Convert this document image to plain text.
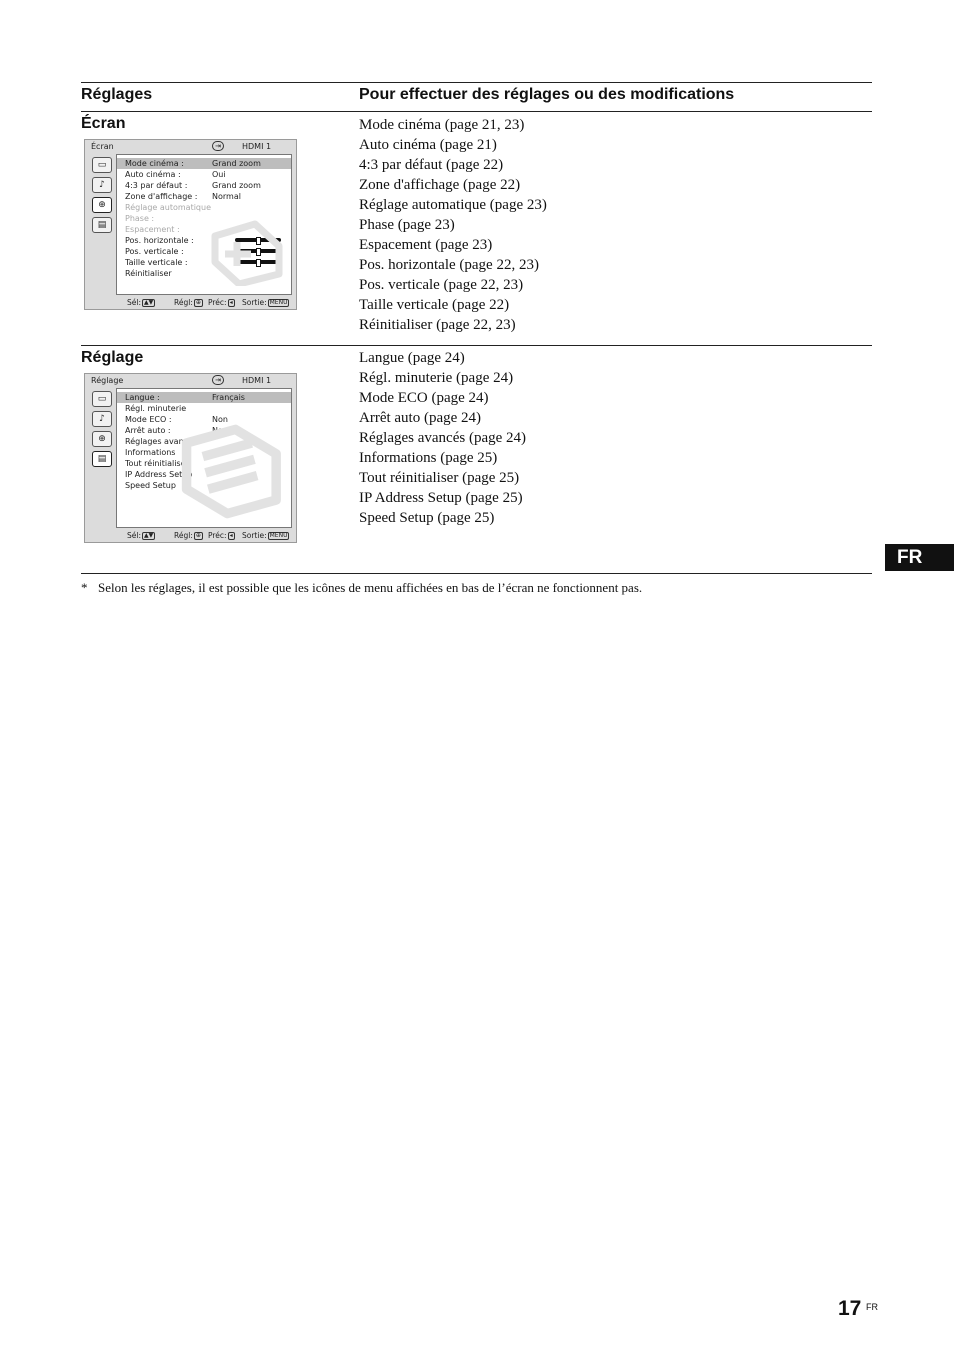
Réglages	Pour effectuer des réglages ou des modifications
Écran
Écran	⇥	HDMI 1
▭
♪
⊕
▤
Mode cinéma :	Grand zoom
Auto cinéma :	Oui
4:3 par défaut :	Grand zoom
Zone d'affichage : Normal
Réglage automatique
Phase :
Espacement :
Pos. horizontale : 0
Pos. verticale :	0
Taille verticale :	0
Réinitialiser
Sél: ▲▼	Régl: ⊕ Préc: ◂ Sortie: MENU
Mode cinéma (page 21, 23)
Auto cinéma (page 21)
4:3 par défaut (page 22)
Zone d'affichage (page 22)
Réglage automatique (page 23)
Phase (page 23)
Espacement (page 23)
Pos. horizontale (page 22, 23)
Pos. verticale (page 22, 23)
Taille verticale (page 22)
Réinitialiser (page 22, 23)
Réglage
Réglage	⇥	HDMI 1
▭
♪
⊕
▤
Langue :	Français
Régl. minuterie
Mode ECO :	Non
Arrêt auto :	Non
Réglages avancés
Informations
Tout réinitialiser
IP Address Setup
Speed Setup
Sél: ▲▼	Régl: ⊕ Préc: ◂ Sortie: MENU
Langue (page 24)
Régl. minuterie (page 24)
Mode ECO (page 24)
Arrêt auto (page 24)
Réglages avancés (page 24)
Informations (page 25)
Tout réinitialiser (page 25)
IP Address Setup (page 25)
Speed Setup (page 25)
FR
* Selon les réglages, il est possible que les icônes de menu affichées en bas de l’écran ne fonctionnent pas.
17 FR
